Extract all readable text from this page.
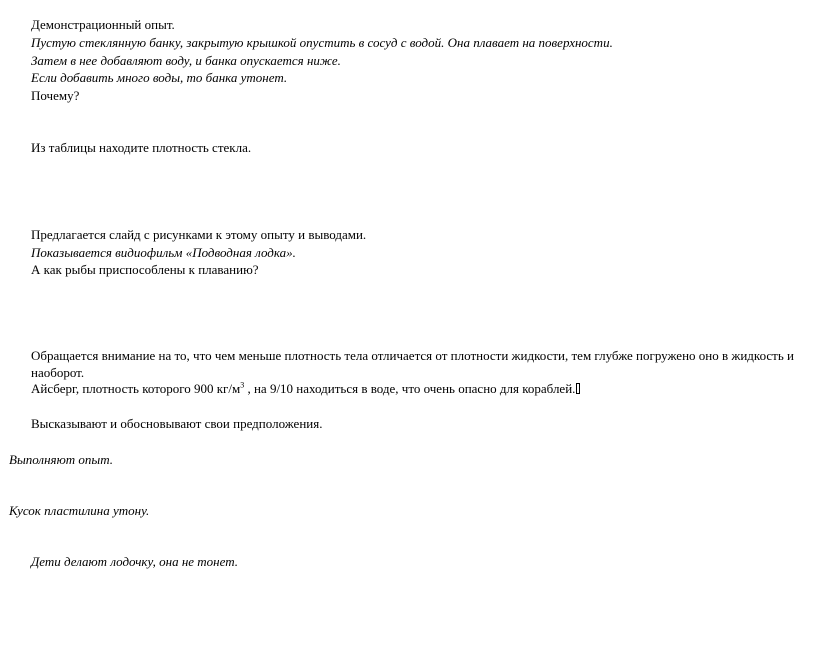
Демонстрационный опыт.
Пустую стеклянную банку, закрытую крышкой опустить в сосуд с водой. Она плавает на поверхности.
Затем в нее добавляют воду, и банка опускается ниже.
Если добавить много воды, то банка утонет.
Почему?
Из таблицы находите плотность стекла.
Предлагается слайд с рисунками к этому опыту и выводами.
Показывается видиофильм «Подводная лодка».
А как рыбы приспособлены к плаванию?
Обращается внимание на то, что чем меньше плотность тела отличается от плотности жидкости, тем глубже погружено оно в жидкость и наоборот.
Айсберг, плотность которого 900 $кг/м^3$ , на 9/10 находиться в воде, что очень опасно для кораблей.
Высказывают и обосновывают свои предположения.
Выполняют опыт.
Кусок пластилина утону.
Дети делают лодочку, она не тонет.
